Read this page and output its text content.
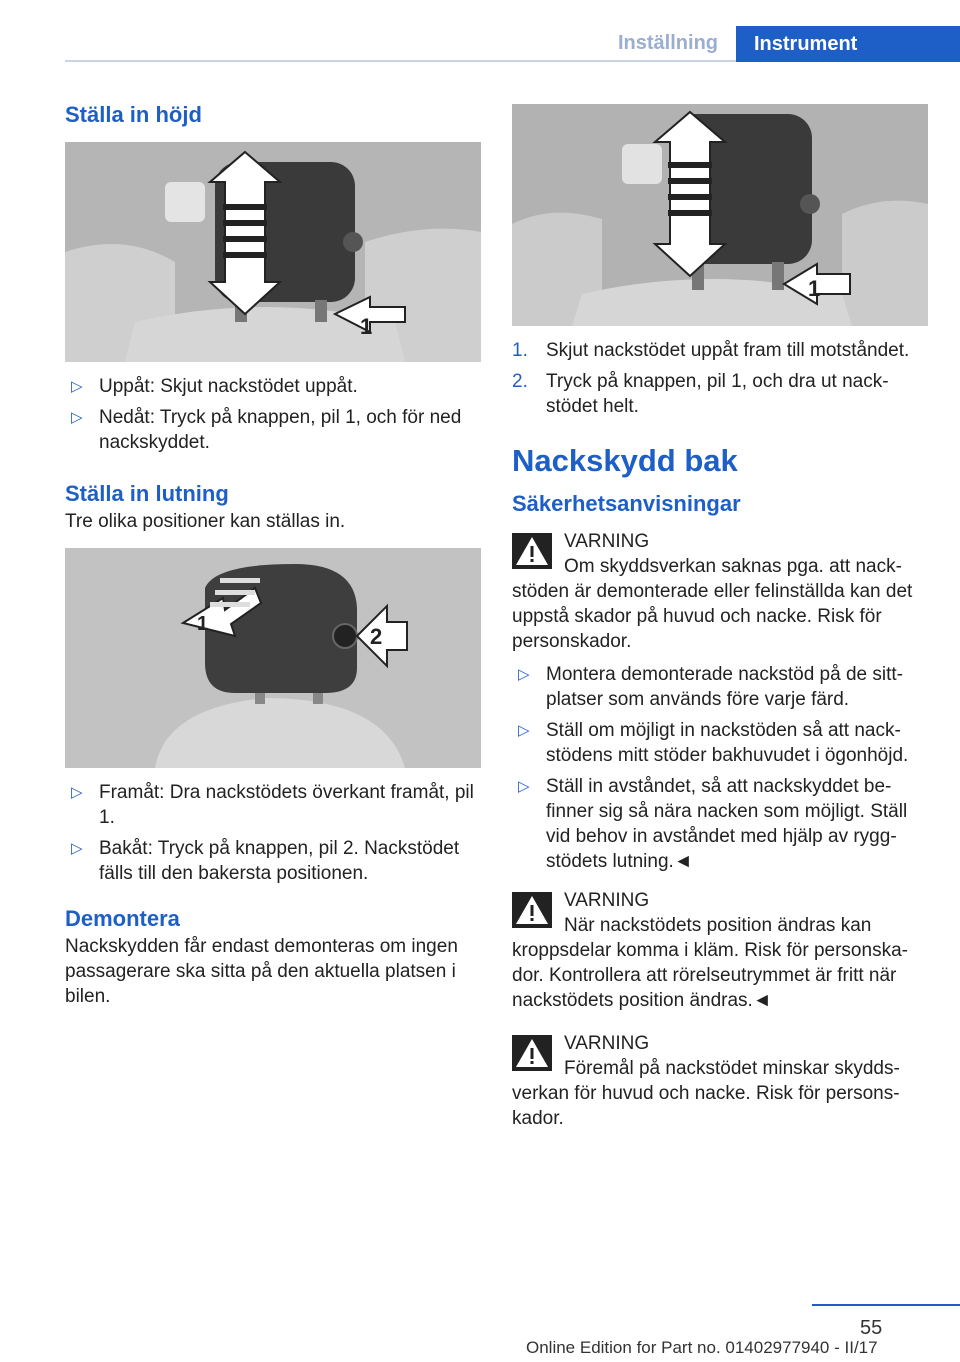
Inställning	Instrument
Ställa in höjd
1
▷ Uppåt: Skjut nackstödet uppåt.
▷ Nedåt: Tryck på knappen, pil 1, och för ned nackskyddet.
Ställa in lutning

Tre olika positioner kan ställas in.

1	2
▷ Framåt: Dra nackstödets överkant framåt, pil 1.
▷ Bakåt: Tryck på knappen, pil 2. Nackstödet fälls till den bakersta positionen.
Demontera

Nackskydden får endast demonteras om ingen passagerare ska sitta på den aktuella platsen i bilen.

1
1. Skjut nackstödet uppåt fram till motståndet.
2. Tryck på knappen, pil 1, och dra ut nackstödet helt.
Nackskydd bak
Säkerhetsanvisningar

VARNING

Om skyddsverkan saknas pga. att nackstöden är demonterade eller felinställda kan det uppstå skador på huvud och nacke. Risk för personskador.

▷ Montera demonterade nackstöd på de sittplatser som används före varje färd.
▷ Ställ om möjligt in nackstöden så att nackstödens mitt stöder bakhuvudet i ögonhöjd.
▷ Ställ in avståndet, så att nackskyddet befinner sig så nära nacken som möjligt. Ställ vid behov in avståndet med hjälp av ryggstödets lutning.◄

VARNING

När nackstödets position ändras kan kroppsdelar komma i kläm. Risk för personskador. Kontrollera att rörelseutrymmet är fritt när nackstödets position ändras.◄

VARNING

Föremål på nackstödet minskar skyddsverkan för huvud och nacke. Risk för personskador.

55
Online Edition for Part no. 01402977940 - II/17
